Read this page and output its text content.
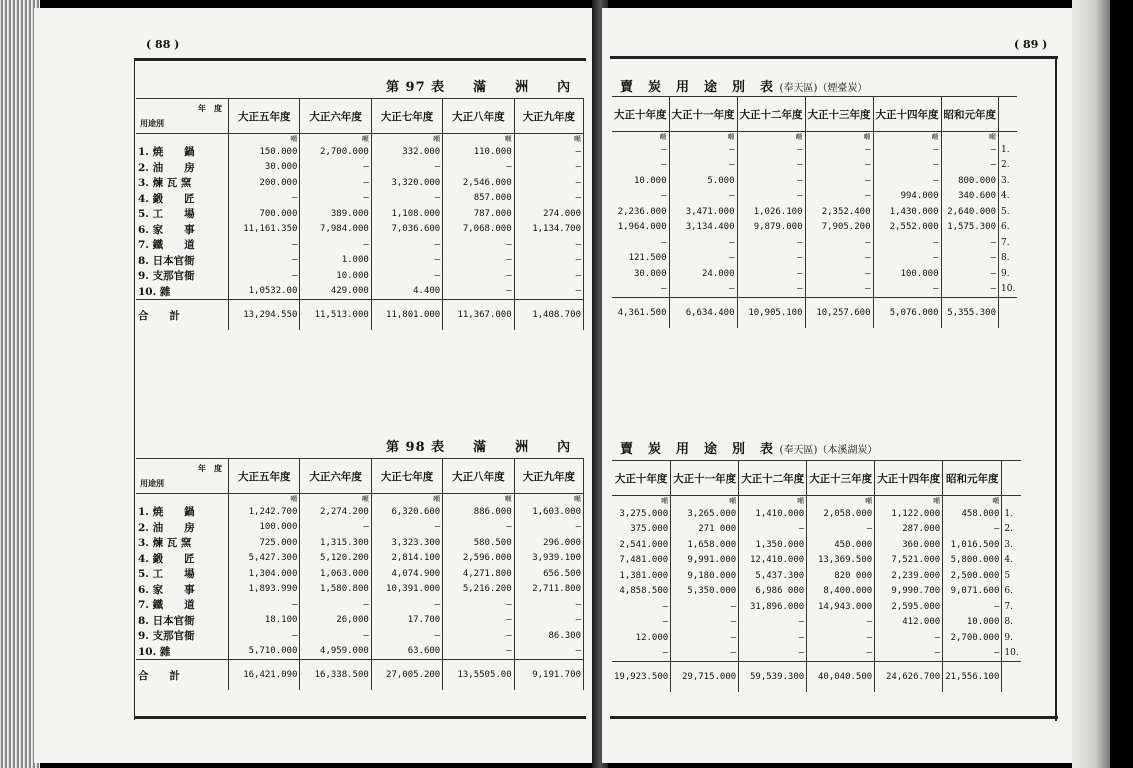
( 88 )
第 97 表　　滿　　洲　　內
年　度
用途別	大正五年度	大正六年度	大正七年度	大正八年度	大正九年度
	噸	噸	噸	噸	噸
1. 焼　　鍋	150.000	2,700.000	332.000	110.000	—
2. 油　　房	30.000	—	—	—	—
3. 煉 瓦 窯	200.000	—	3,320.000	2,546.000	—
4. 鍛　　匠	—	—	—	857.000	—
5. 工　　場	700.000	389.000	1,108.000	787.000	274.000
6. 家　　事	11,161.350	7,984.000	7,036.600	7,068.000	1,134.700
7. 鐵　　道	—	—	—	—	—
8. 日本官衙	—	1.000	—	—	—
9. 支那官衙	—	10.000	—	—	—
10. 雜	1,0532.00	429.000	4.400	—	—
合　　計	13,294.550	11,513.000	11,801.000	11,367.000	1,408.700
第 98 表　　滿　　洲　　內
年　度
用途別	大正五年度	大正六年度	大正七年度	大正八年度	大正九年度
	噸	噸	噸	噸	噸
1. 焼　　鍋	1,242.700	2,274.200	6,320.600	886.000	1,603.000
2. 油　　房	100.000	—	—	—	—
3. 煉 瓦 窯	725.000	1,315.300	3,323.300	580.500	296.000
4. 鍛　　匠	5,427.300	5,120.200	2,814.100	2,596.000	3,939.100
5. 工　　場	1,304.000	1,063.000	4,074.900	4,271.800	656.500
6. 家　　事	1,893.990	1,580.800	10,391.000	5,216.200	2,711.800
7. 鐵　　道	—	—	—	—	—
8. 日本官衙	18.100	26,000	17.700	—	—
9. 支那官衙	—	—	—	—	86.300
10. 雜	5,710.000	4,959.000	63.600	—	—
合　　計	16,421.090	16,338.500	27,005.200	13,5505.00	9,191.700
( 89 )
賣　炭　用　途　別　表 (奉天區)（煙臺炭）
大正十年度	大正十一年度	大正十二年度	大正十三年度	大正十四年度	昭和元年度	
噸	噸	噸	噸	噸	噸	
—	—	—	—	—	—	1.
—	—	—	—	—	—	2.
10.000	5.000	—	—	—	800.000	3.
—	—	—	—	994.000	340.600	4.
2,236.000	3,471.000	1,026.100	2,352.400	1,430.000	2,640.000	5.
1,964.000	3,134.400	9,879.000	7,905.200	2,552.000	1,575.300	6.
—	—	—	—	—	—	7.
121.500	—	—	—	—	—	8.
30.000	24.000	—	—	100.000	—	9.
—	—	—	—	—	—	10.
4,361.500	6,634.400	10,905.100	10,257.600	5,076.000	5,355.300	
賣　炭　用　途　別　表 (奉天區)（本溪湖炭）
大正十年度	大正十一年度	大正十二年度	大正十三年度	大正十四年度	昭和元年度	
噸	噸	噸	噸	噸	噸	
3,275.000	3,265.000	1,410.000	2,058.000	1,122.000	458.000	1.
375.000	271 000	—	—	287.000	—	2.
2,541.000	1,658.000	1,350.000	450.000	360.000	1,016.500	3.
7,481.000	9,991.000	12,410.000	13,369.500	7,521.000	5,800.000	4.
1,381.000	9,180.000	5,437.300	820 000	2,239.000	2,500.000	5
4,858.500	5,350.000	6,986 000	8,400.000	9,990.700	9,071.600	6.
—	—	31,896.000	14,943.000	2,595.000	—	7.
—	—	—	—	412.000	10.000	8.
12.000	—	—	—	—	2,700.000	9.
—	—	—	—	—	—	10.
19,923.500	29,715.000	59,539.300	40,040.500	24,626.700	21,556.100	
